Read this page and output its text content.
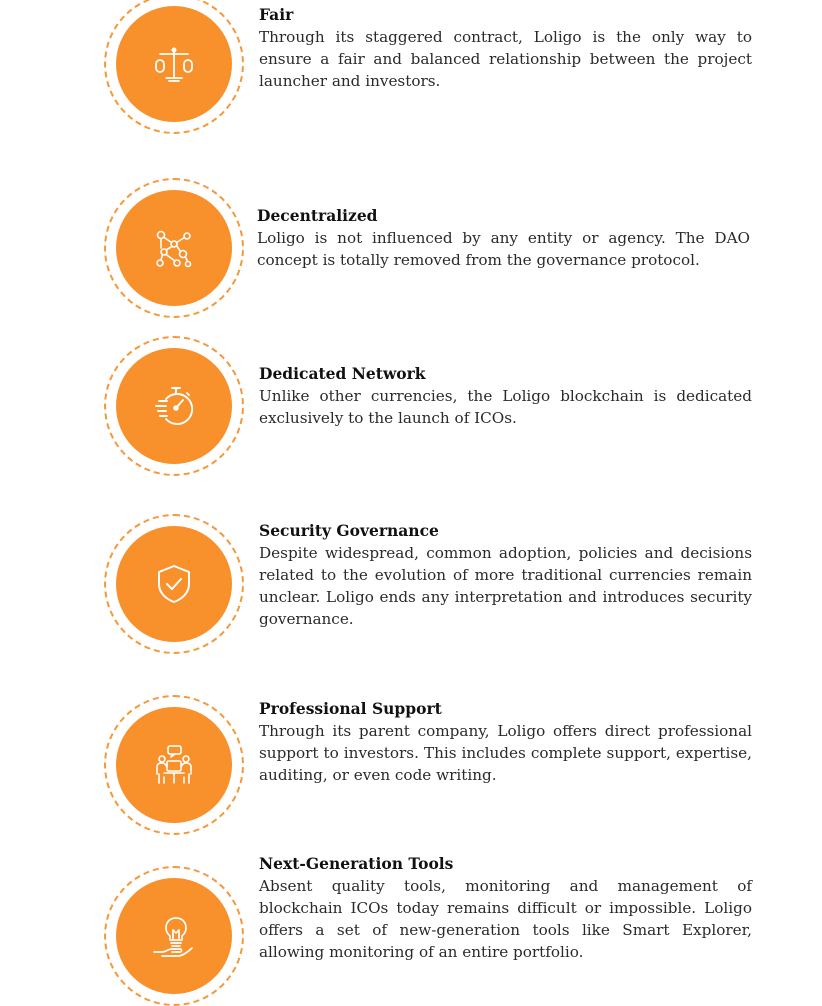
Fair

Through its staggered contract, Loligo is the only way to ensure a fair and balanced relationship between the project launcher and investors.

Decentralized

Loligo is not influenced by any entity or agency. The DAO concept is totally removed from the governance protocol.

Dedicated Network

Unlike other currencies, the Loligo blockchain is dedicated exclusively to the launch of ICOs.

Security Governance

Despite widespread, common adoption, policies and decisions related to the evolution of more traditional currencies remain unclear. Loligo ends any interpretation and introduces security governance.

Professional Support

Through its parent company, Loligo offers direct professional support to investors. This includes complete support, expertise, auditing, or even code writing.

Next-Generation Tools

Absent quality tools, monitoring and management of blockchain ICOs today remains difficult or impossible. Loligo offers a set of new-generation tools like Smart Explorer, allowing monitoring of an entire portfolio.
